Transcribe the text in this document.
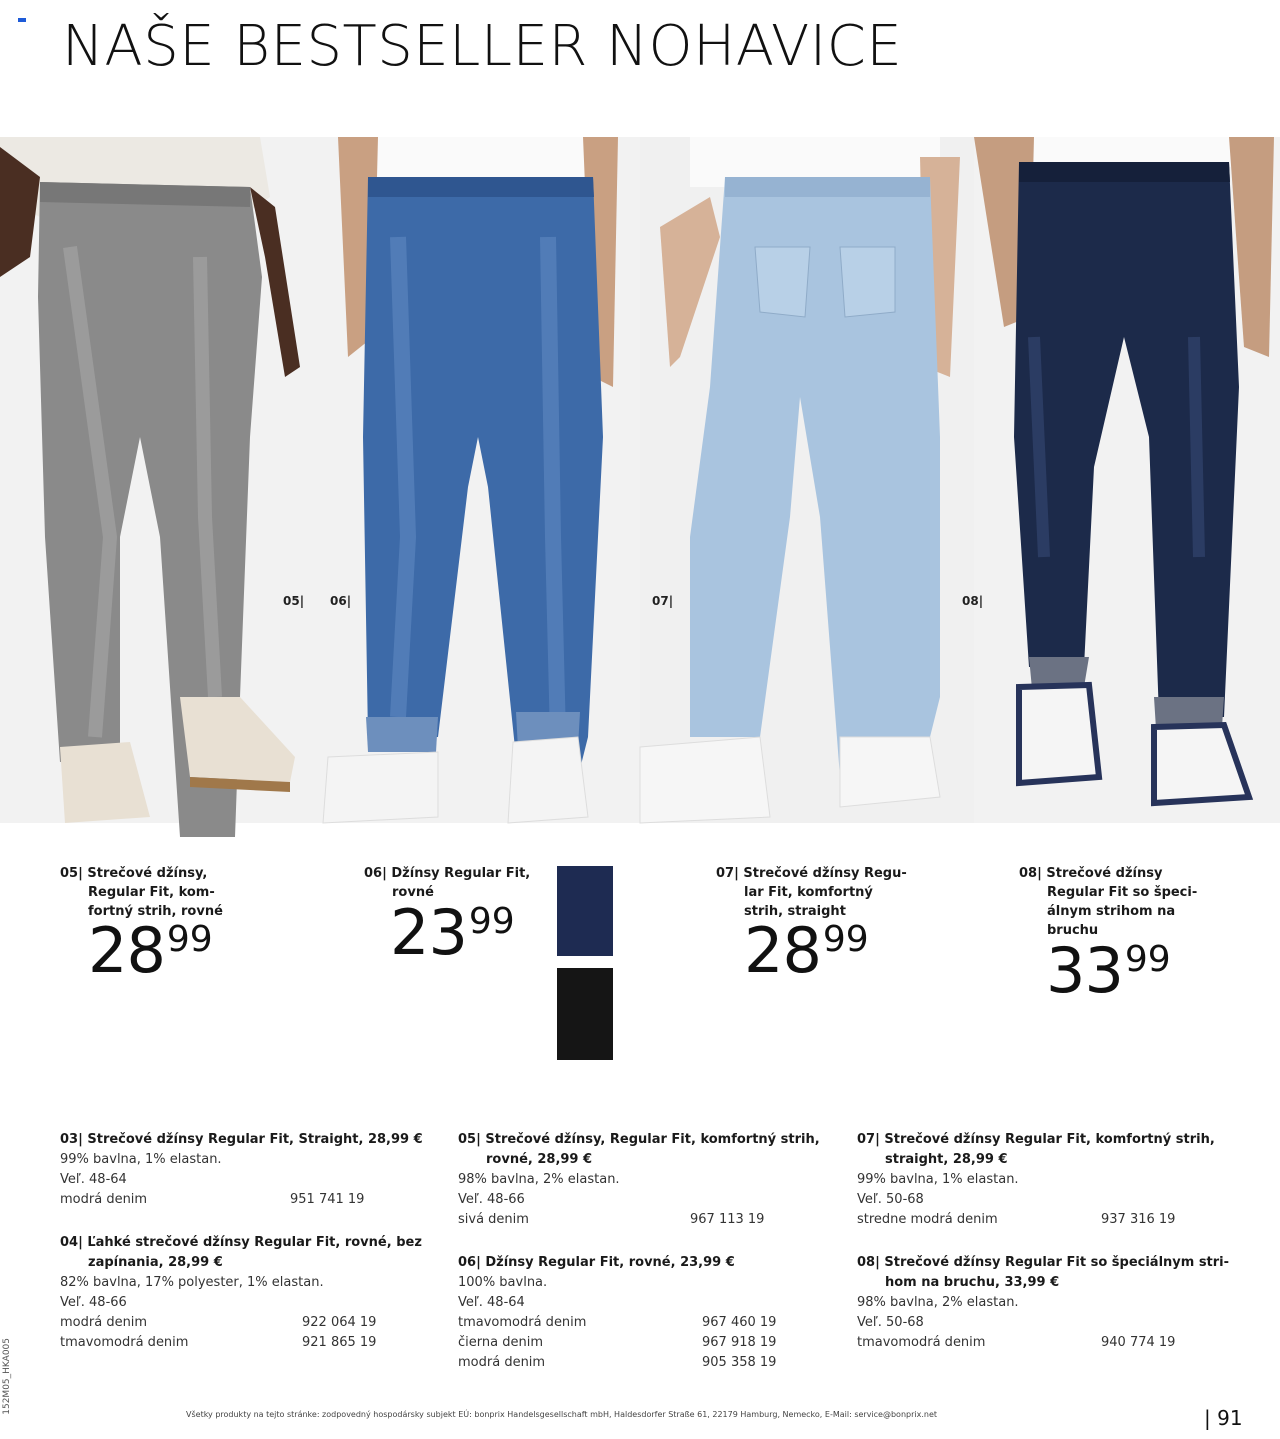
NAŠE BESTSELLER NOHAVICE
05| 06|	07|	08|
05| Strečové džínsy,
Regular Fit, kom-
fortný strih, rovné
2899
06| Džínsy Regular Fit,
rovné
2399
07| Strečové džínsy Regu-
lar Fit, komfortný
strih, straight
2899
08| Strečové džínsy
Regular Fit so špeci-
álnym strihom na
bruchu
3399
03| Strečové džínsy Regular Fit, Straight, 28,99 €
99% bavlna, 1% elastan.
Veľ. 48-64
modrá denim	951 741 19
04| Ľahké strečové džínsy Regular Fit, rovné, bez
zapínania, 28,99 €
82% bavlna, 17% polyester, 1% elastan.
Veľ. 48-66
modrá denim	922 064 19
tmavomodrá denim	921 865 19
05| Strečové džínsy, Regular Fit, komfortný strih,
rovné, 28,99 €
98% bavlna, 2% elastan.
Veľ. 48-66
sivá denim	967 113 19
06| Džínsy Regular Fit, rovné, 23,99 €
100% bavlna.
Veľ. 48-64
tmavomodrá denim	967 460 19
čierna denim	967 918 19
modrá denim	905 358 19
07| Strečové džínsy Regular Fit, komfortný strih,
straight, 28,99 €
99% bavlna, 1% elastan.
Veľ. 50-68
stredne modrá denim	937 316 19
08| Strečové džínsy Regular Fit so špeciálnym stri-
hom na bruchu, 33,99 €
98% bavlna, 2% elastan.
Veľ. 50-68
tmavomodrá denim	940 774 19
152M05_HKA005	Všetky produkty na tejto stránke: zodpovedný hospodársky subjekt EÚ: bonprix Handelsgesellschaft mbH, Haldesdorfer Straße 61, 22179 Hamburg, Nemecko, E-Mail: service@bonprix.net	| 91
